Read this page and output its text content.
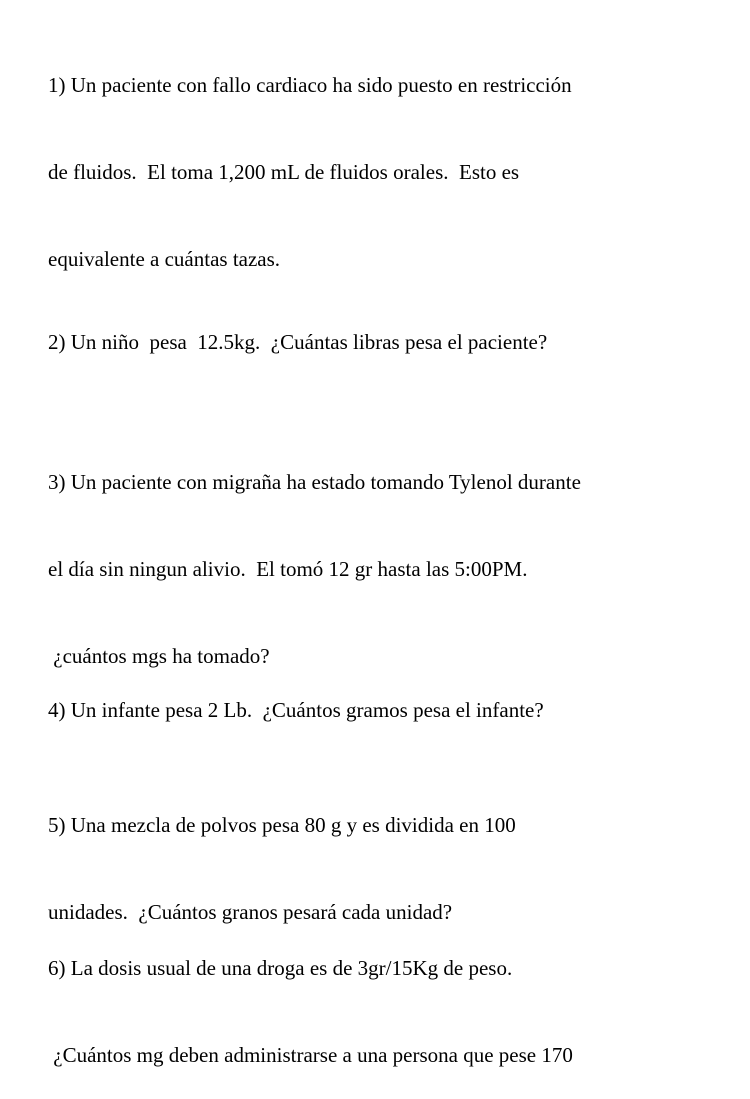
1) Un paciente con fallo cardiaco ha sido puesto en restricción

de fluidos.  El toma 1,200 mL de fluidos orales.  Esto es

equivalente a cuántas tazas.

2) Un niño  pesa  12.5kg.  ¿Cuántas libras pesa el paciente?

3) Un paciente con migraña ha estado tomando Tylenol durante

el día sin ningun alivio.  El tomó 12 gr hasta las 5:00PM.

¿cuántos mgs ha tomado?

4) Un infante pesa 2 Lb.  ¿Cuántos gramos pesa el infante?

5) Una mezcla de polvos pesa 80 g y es dividida en 100

unidades.  ¿Cuántos granos pesará cada unidad?

6) La dosis usual de una droga es de 3gr/15Kg de peso.

¿Cuántos mg deben administrarse a una persona que pese 170
